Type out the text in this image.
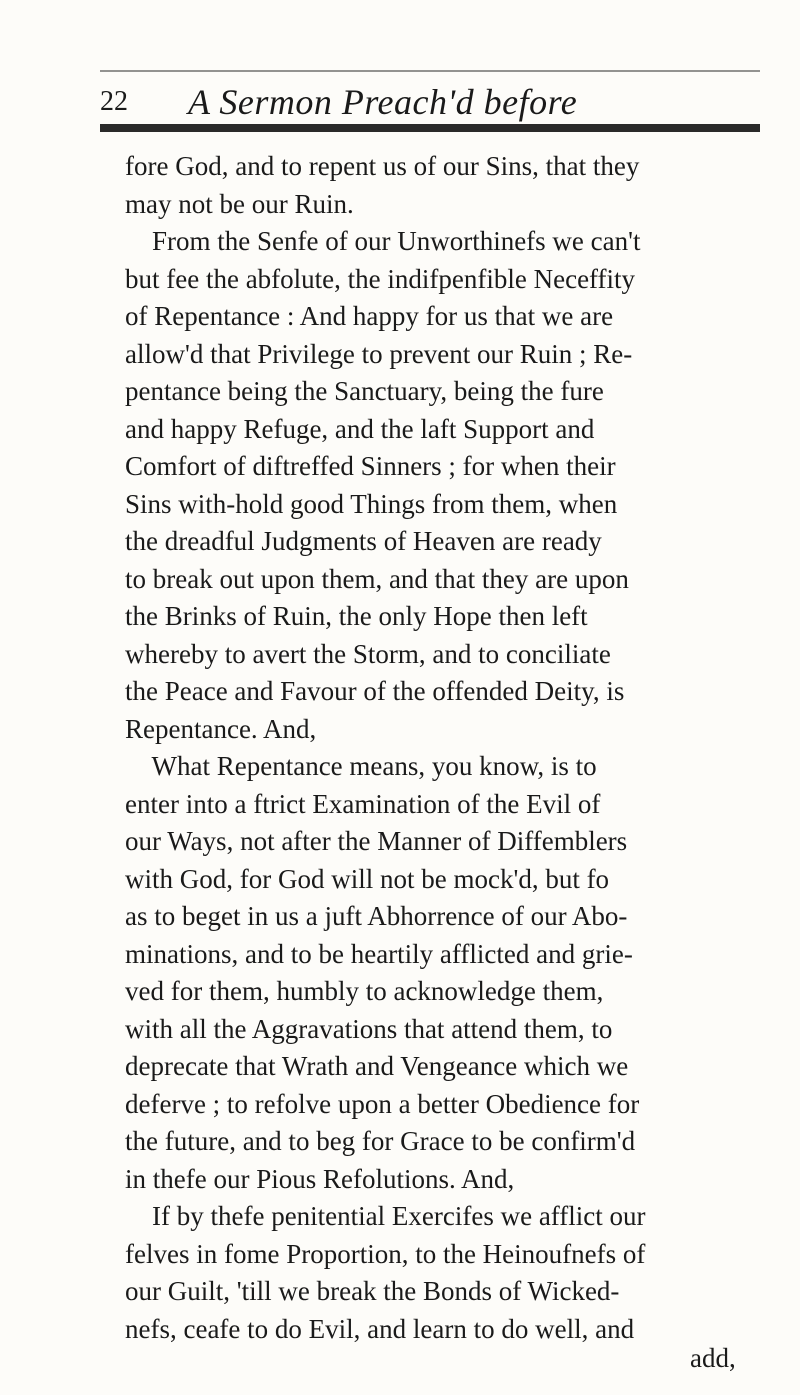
22 A Sermon Preach'd before
fore God, and to repent us of our Sins, that they
may not be our Ruin.
From the Senfe of our Unworthinefs we can't
but fee the abfolute, the indifpenfible Neceffity
of Repentance : And happy for us that we are
allow'd that Privilege to prevent our Ruin ; Re-
pentance being the Sanctuary, being the fure
and happy Refuge, and the laft Support and
Comfort of diftreffed Sinners ; for when their
Sins with-hold good Things from them, when
the dreadful Judgments of Heaven are ready
to break out upon them, and that they are upon
the Brinks of Ruin, the only Hope then left
whereby to avert the Storm, and to conciliate
the Peace and Favour of the offended Deity, is
Repentance. And,
What Repentance means, you know, is to
enter into a ftrict Examination of the Evil of
our Ways, not after the Manner of Diffemblers
with God, for God will not be mock'd, but fo
as to beget in us a juft Abhorrence of our Abo-
minations, and to be heartily afflicted and grie-
ved for them, humbly to acknowledge them,
with all the Aggravations that attend them, to
deprecate that Wrath and Vengeance which we
deferve ; to refolve upon a better Obedience for
the future, and to beg for Grace to be confirm'd
in thefe our Pious Refolutions. And,
If by thefe penitential Exercifes we afflict our
felves in fome Proportion, to the Heinoufnefs of
our Guilt, 'till we break the Bonds of Wicked-
nefs, ceafe to do Evil, and learn to do well, and
add,
